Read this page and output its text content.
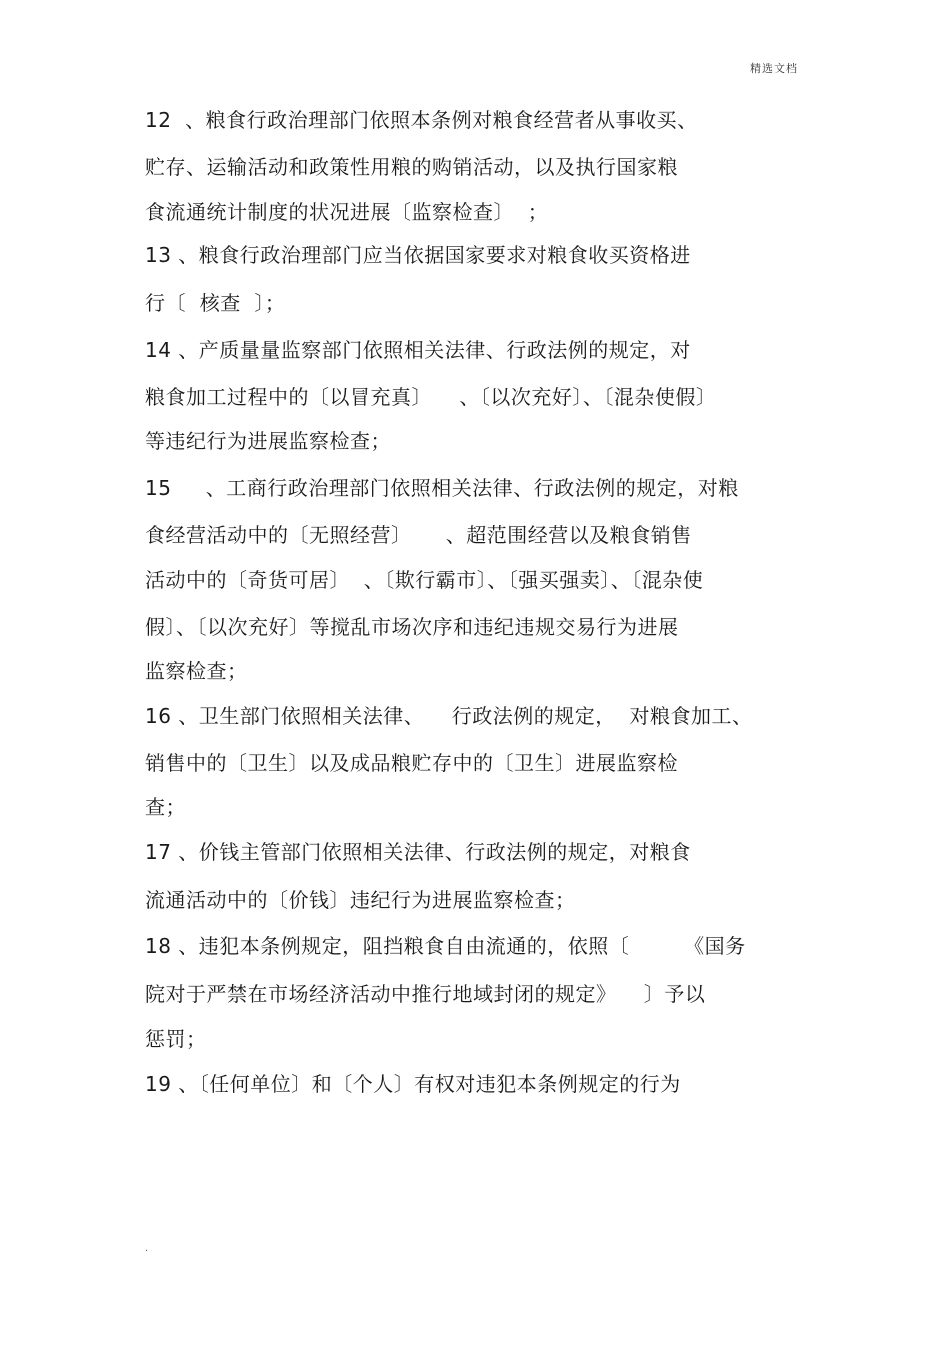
精选文档
12  、粮食行政治理部门依照本条例对粮食经营者从事收买、
贮存、运输活动和政策性用粮的购销活动，以及执行国家粮
食流通统计制度的状况进展〔监察检查〕  ；
13 、粮食行政治理部门应当依据国家要求对粮食收买资格进
行〔  核查  〕；
14 、产质量量监察部门依照相关法律、行政法例的规定，对
粮食加工过程中的〔以冒充真〕    、〔以次充好〕、〔混杂使假〕
等违纪行为进展监察检查；
15     、工商行政治理部门依照相关法律、行政法例的规定，对粮
食经营活动中的〔无照经营〕     、超范围经营以及粮食销售
活动中的〔奇货可居〕  、〔欺行霸市〕、〔强买强卖〕、〔混杂使
假〕、〔以次充好〕等搅乱市场次序和违纪违规交易行为进展
监察检查；
16 、卫生部门依照相关法律、    行政法例的规定，  对粮食加工、
销售中的〔卫生〕以及成品粮贮存中的〔卫生〕进展监察检
查；
17 、价钱主管部门依照相关法律、行政法例的规定，对粮食
流通活动中的〔价钱〕违纪行为进展监察检查；
18 、违犯本条例规定，阻挡粮食自由流通的，依照〔        《国务
院对于严禁在市场经济活动中推行地域封闭的规定》    〕予以
惩罚；
19 、〔任何单位〕和〔个人〕有权对违犯本条例规定的行为
.
